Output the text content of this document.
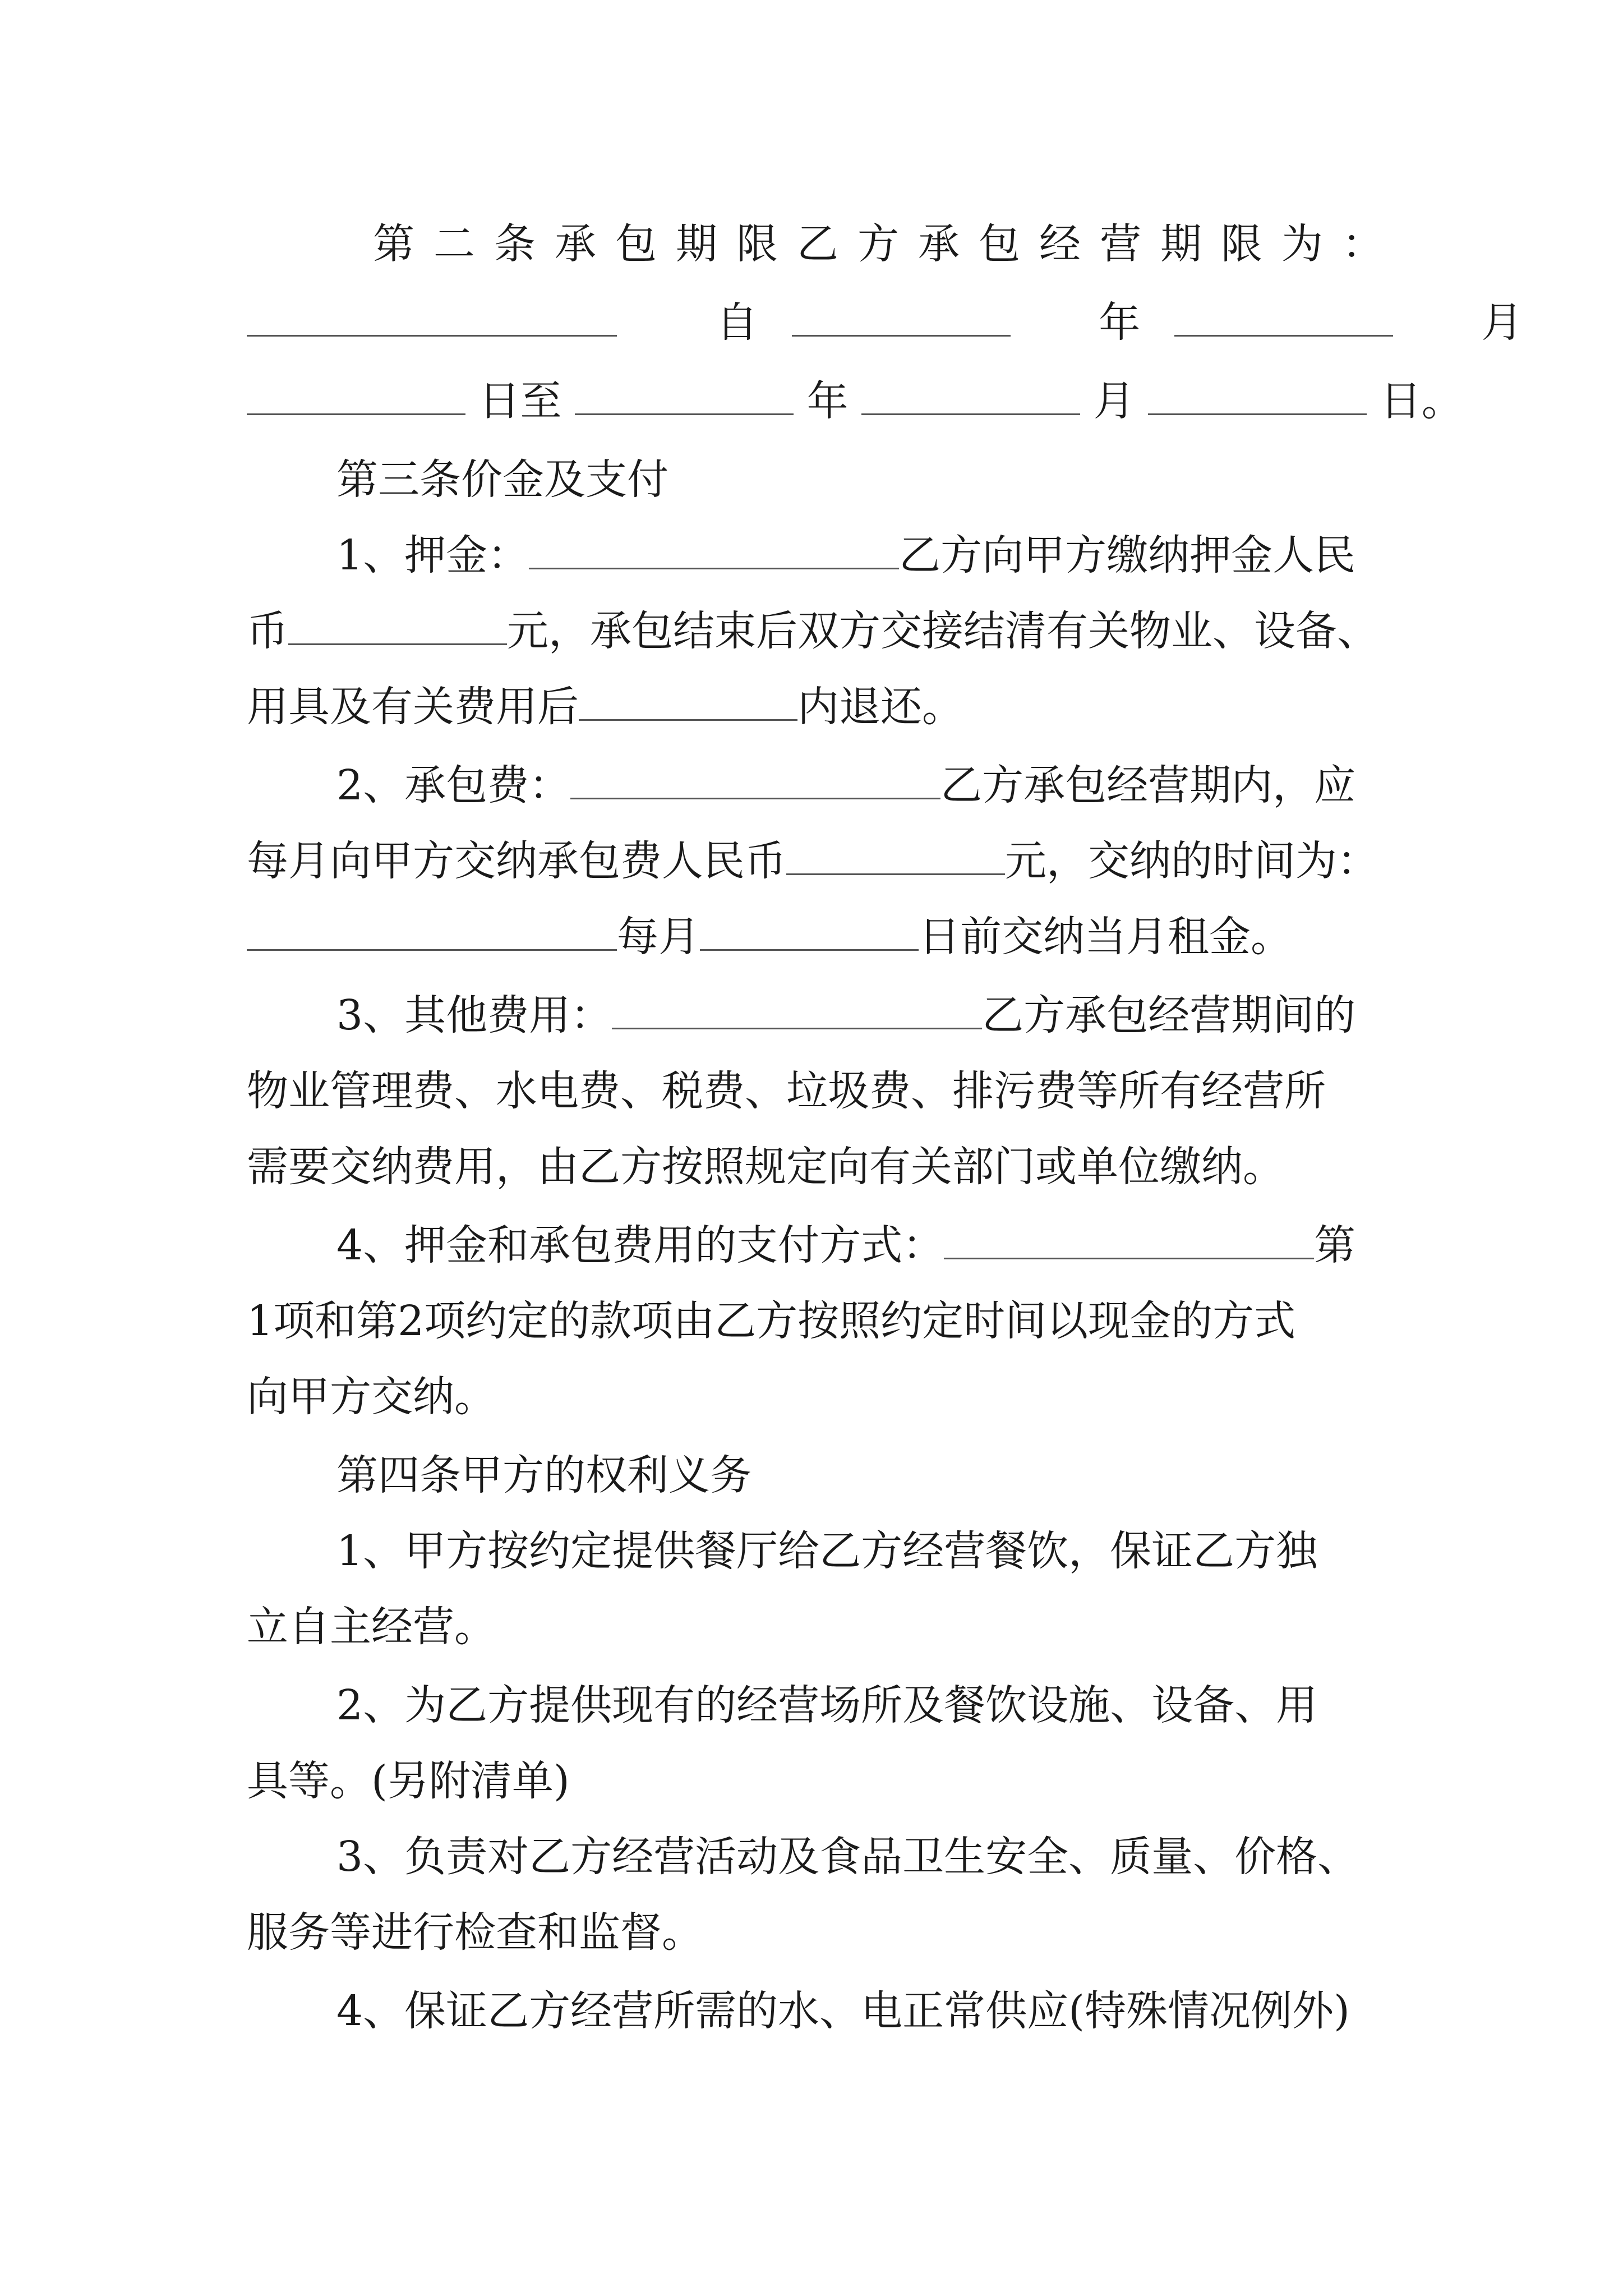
第二条承包期限乙方承包经营期限为：
自	年	月
日至	年	月	日。
第三条价金及支付
1、押金：	乙方向甲方缴纳押金人民
币	元，承包结束后双方交接结清有关物业、设备、
用具及有关费用后	内退还。
2、承包费：	乙方承包经营期内，应
每月向甲方交纳承包费人民币	元，交纳的时间为：
每月	日前交纳当月租金。
3、其他费用：	乙方承包经营期间的
物业管理费、水电费、税费、垃圾费、排污费等所有经营所
需要交纳费用，由乙方按照规定向有关部门或单位缴纳。
4、押金和承包费用的支付方式：	第
1项和第2项约定的款项由乙方按照约定时间以现金的方式
向甲方交纳。
第四条甲方的权利义务
1、甲方按约定提供餐厅给乙方经营餐饮，保证乙方独
立自主经营。
2、为乙方提供现有的经营场所及餐饮设施、设备、用
具等。(另附清单)
3、负责对乙方经营活动及食品卫生安全、质量、价格、
服务等进行检查和监督。
4、保证乙方经营所需的水、电正常供应(特殊情况例外)
